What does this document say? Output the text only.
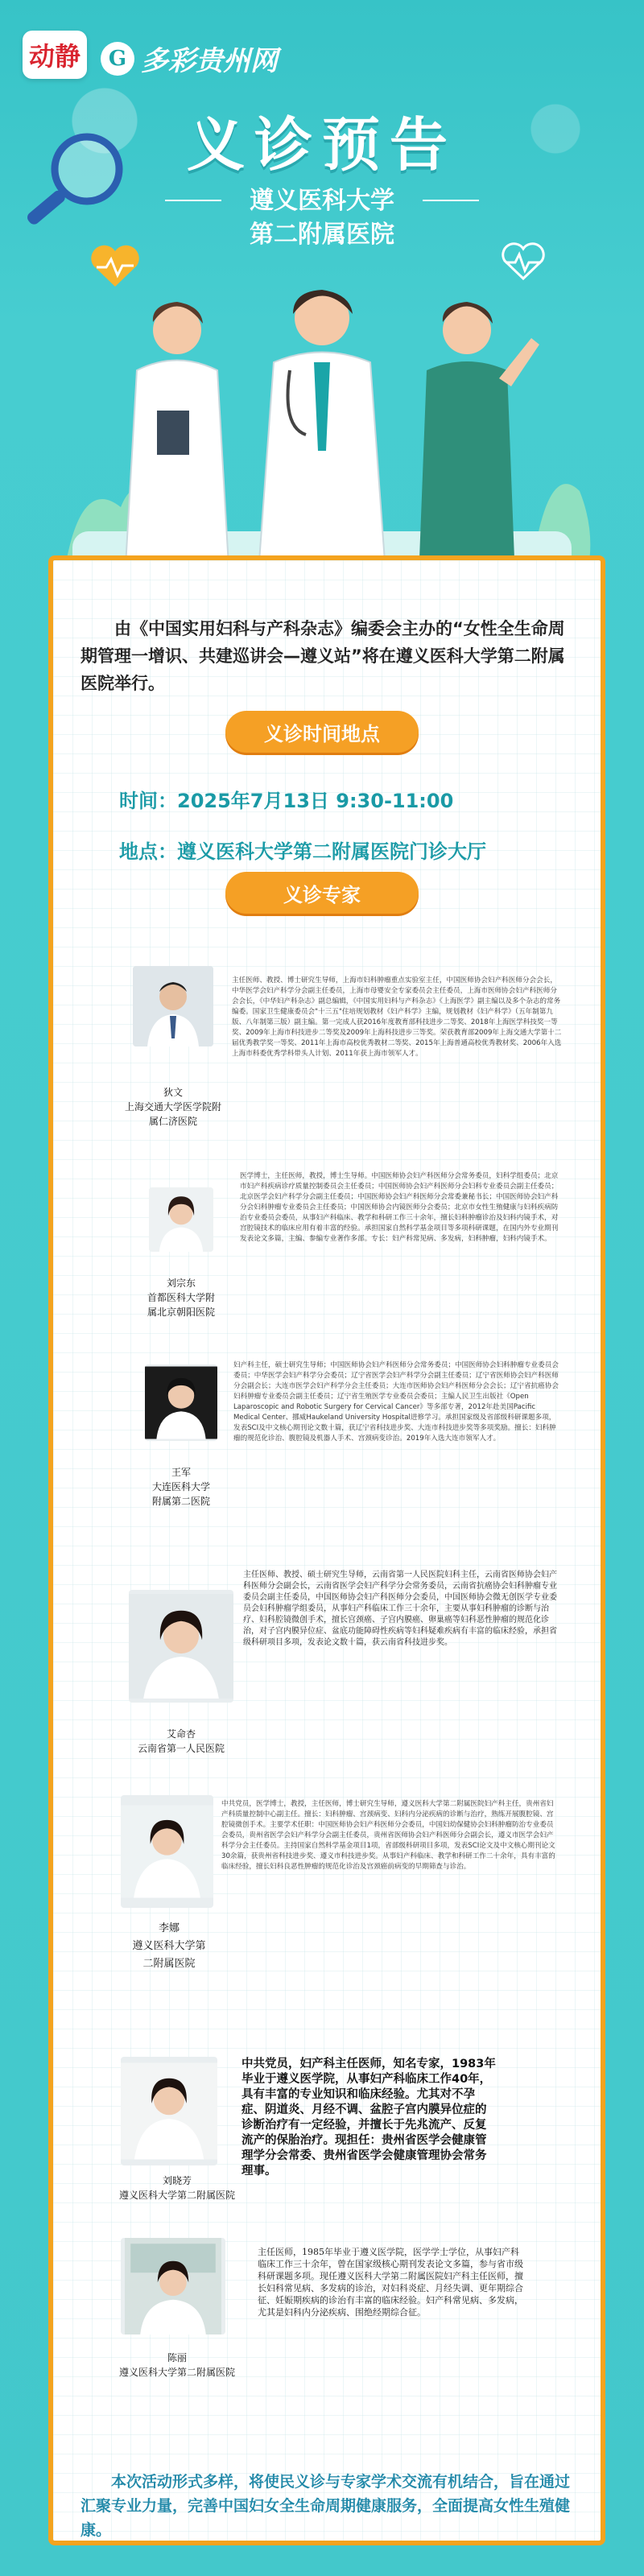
动静	G 多彩贵州网
义诊预告
遵义医科大学
第二附属医院
由《中国实用妇科与产科杂志》编委会主办的“女性全生命周期管理一增识、共建巡讲会—遵义站”将在遵义医科大学第二附属医院举行。
义诊时间地点
时间：2025年7月13日 9:30-11:00
地点：遵义医科大学第二附属医院门诊大厅
义诊专家
狄文
上海交通大学医学院附
属仁济医院
主任医师、教授、博士研究生导师，上海市妇科肿瘤重点实验室主任，中国医师协会妇产科医师分会会长，中华医学会妇产科学分会副主任委员，上海市母婴安全专家委员会主任委员，上海市医师协会妇产科医师分会会长，《中华妇产科杂志》副总编辑，《中国实用妇科与产科杂志》《上海医学》副主编以及多个杂志的常务编委。国家卫生健康委员会"十三五"住培规划教材《妇产科学》主编，规划教材《妇产科学》（五年制第九版、八年制第三版）副主编。第一完成人获2016年度教育部科技进步二等奖、2018年上海医学科技奖一等奖、2009年上海市科技进步二等奖及2009年上海科技进步三等奖。荣获教育部2009年上海交通大学第十二届优秀教学奖一等奖、2011年上海市高校优秀教材二等奖、2015年上海普通高校优秀教材奖、2006年入选上海市科委优秀学科带头人计划、2011年获上海市领军人才。
刘宗东
首都医科大学附
属北京朝阳医院
医学博士，主任医师，教授，博士生导师。中国医师协会妇产科医师分会常务委员，妇科学组委员；北京市妇产科疾病诊疗质量控制委员会主任委员；中国医师协会妇产科医师分会妇科专业委员会副主任委员；北京医学会妇产科学分会副主任委员；中国医师协会妇产科医师分会常委兼秘书长；中国医师协会妇产科分会妇科肿瘤专业委员会主任委员；中国医师协会内镜医师分会委员；北京市女性生殖健康与妇科疾病防治专业委员会委员，从事妇产科临床、教学和科研工作三十余年，擅长妇科肿瘤诊治及妇科内镜手术，对宫腔镜技术的临床应用有着丰富的经验。承担国家自然科学基金项目等多项科研课题，在国内外专业期刊发表论文多篇，主编、参编专业著作多部。专长：妇产科常见病、多发病，妇科肿瘤，妇科内镜手术。
王军
大连医科大学
附属第二医院
妇产科主任，硕士研究生导师；中国医师协会妇产科医师分会常务委员；中国医师协会妇科肿瘤专业委员会委员；中华医学会妇产科学分会委员；辽宁省医学会妇产科学分会副主任委员；辽宁省医师协会妇产科医师分会副会长；大连市医学会妇产科学分会主任委员；大连市医师协会妇产科医师分会会长；辽宁省抗癌协会妇科肿瘤专业委员会副主任委员；辽宁省生殖医学专业委员会委员；主编人民卫生出版社《Open Laparoscopic and Robotic Surgery for Cervical Cancer》等多部专著，2012年赴美国Pacific Medical Center、挪威Haukeland University Hospital进修学习。承担国家级及省部级科研课题多项，发表SCI及中文核心期刊论文数十篇，获辽宁省科技进步奖、大连市科技进步奖等多项奖励。擅长：妇科肿瘤的规范化诊治、腹腔镜及机器人手术、宫颈病变诊治。2019年入选大连市领军人才。
艾命杏
云南省第一人民医院
主任医师、教授、硕士研究生导师，云南省第一人民医院妇科主任，云南省医师协会妇产科医师分会副会长，云南省医学会妇产科学分会常务委员，云南省抗癌协会妇科肿瘤专业委员会副主任委员，中国医师协会妇产科医师分会委员，中国医师协会微无创医学专业委员会妇科肿瘤学组委员，从事妇产科临床工作三十余年，主要从事妇科肿瘤的诊断与治疗、妇科腔镜微创手术，擅长宫颈癌、子宫内膜癌、卵巢癌等妇科恶性肿瘤的规范化诊治，对子宫内膜异位症、盆底功能障碍性疾病等妇科疑难疾病有丰富的临床经验，承担省级科研项目多项，发表论文数十篇，获云南省科技进步奖。
李娜
遵义医科大学第
二附属医院
中共党员，医学博士，教授，主任医师，博士研究生导师，遵义医科大学第二附属医院妇产科主任，贵州省妇产科质量控制中心副主任。擅长：妇科肿瘤、宫颈病变、妇科内分泌疾病的诊断与治疗，熟练开展腹腔镜、宫腔镜微创手术。主要学术任职：中国医师协会妇产科医师分会委员，中国妇幼保健协会妇科肿瘤防治专业委员会委员，贵州省医学会妇产科学分会副主任委员，贵州省医师协会妇产科医师分会副会长，遵义市医学会妇产科学分会主任委员。主持国家自然科学基金项目1项，省部级科研项目多项，发表SCI论文及中文核心期刊论文30余篇，获贵州省科技进步奖、遵义市科技进步奖。从事妇产科临床、教学和科研工作二十余年，具有丰富的临床经验，擅长妇科良恶性肿瘤的规范化诊治及宫颈癌前病变的早期筛查与诊治。
刘晓芳
遵义医科大学第二附属医院
中共党员，妇产科主任医师，知名专家，1983年毕业于遵义医学院，从事妇产科临床工作40年，具有丰富的专业知识和临床经验。尤其对不孕症、阴道炎、月经不调、盆腔子宫内膜异位症的诊断治疗有一定经验，并擅长于先兆流产、反复流产的保胎治疗。现担任：贵州省医学会健康管理学分会常委、贵州省医学会健康管理协会常务理事。
陈丽
遵义医科大学第二附属医院
主任医师，1985年毕业于遵义医学院，医学学士学位，从事妇产科临床工作三十余年，曾在国家级核心期刊发表论文多篇，参与省市级科研课题多项。现任遵义医科大学第二附属医院妇产科主任医师，擅长妇科常见病、多发病的诊治，对妇科炎症、月经失调、更年期综合征、妊娠期疾病的诊治有丰富的临床经验。妇产科常见病、多发病，尤其是妇科内分泌疾病、围绝经期综合征。
本次活动形式多样，将使民义诊与专家学术交流有机结合，旨在通过汇聚专业力量，完善中国妇女全生命周期健康服务，全面提高女性生殖健康。
